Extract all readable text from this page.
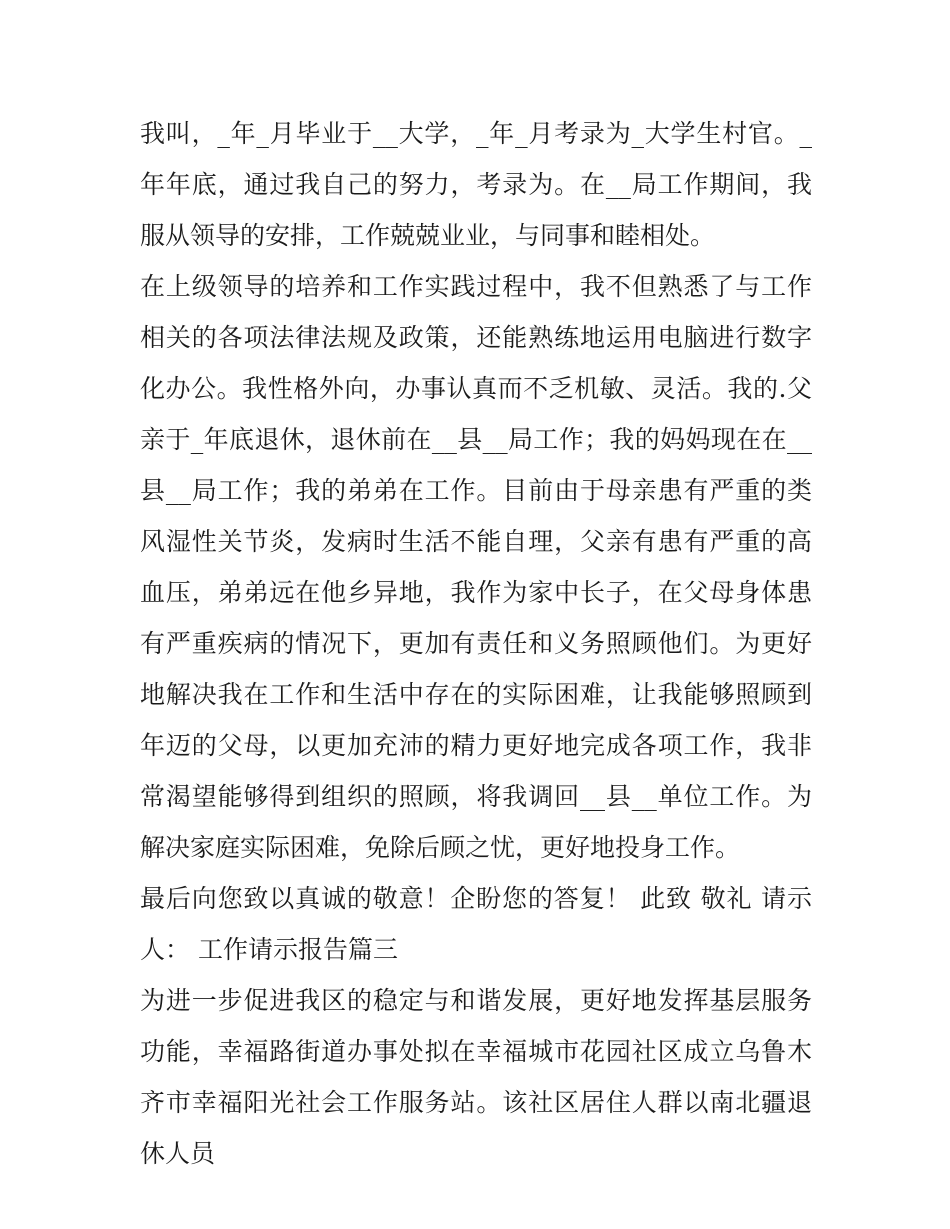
我叫，_年_月毕业于__大学，_年_月考录为_大学生村官。_年年底，通过我自己的努力，考录为。在__局工作期间，我服从领导的安排，工作兢兢业业，与同事和睦相处。

在上级领导的培养和工作实践过程中，我不但熟悉了与工作相关的各项法律法规及政策，还能熟练地运用电脑进行数字化办公。我性格外向，办事认真而不乏机敏、灵活。我的.父亲于_年底退休，退休前在__县__局工作；我的妈妈现在在__县__局工作；我的弟弟在工作。目前由于母亲患有严重的类风湿性关节炎，发病时生活不能自理，父亲有患有严重的高血压，弟弟远在他乡异地，我作为家中长子，在父母身体患有严重疾病的情况下，更加有责任和义务照顾他们。为更好地解决我在工作和生活中存在的实际困难，让我能够照顾到年迈的父母，以更加充沛的精力更好地完成各项工作，我非常渴望能够得到组织的照顾，将我调回__县__单位工作。为解决家庭实际困难，免除后顾之忧，更好地投身工作。

最后向您致以真诚的敬意！企盼您的答复！ 此致 敬礼 请示人： 工作请示报告篇三

为进一步促进我区的稳定与和谐发展，更好地发挥基层服务功能，幸福路街道办事处拟在幸福城市花园社区成立乌鲁木齐市幸福阳光社会工作服务站。该社区居住人群以南北疆退休人员
